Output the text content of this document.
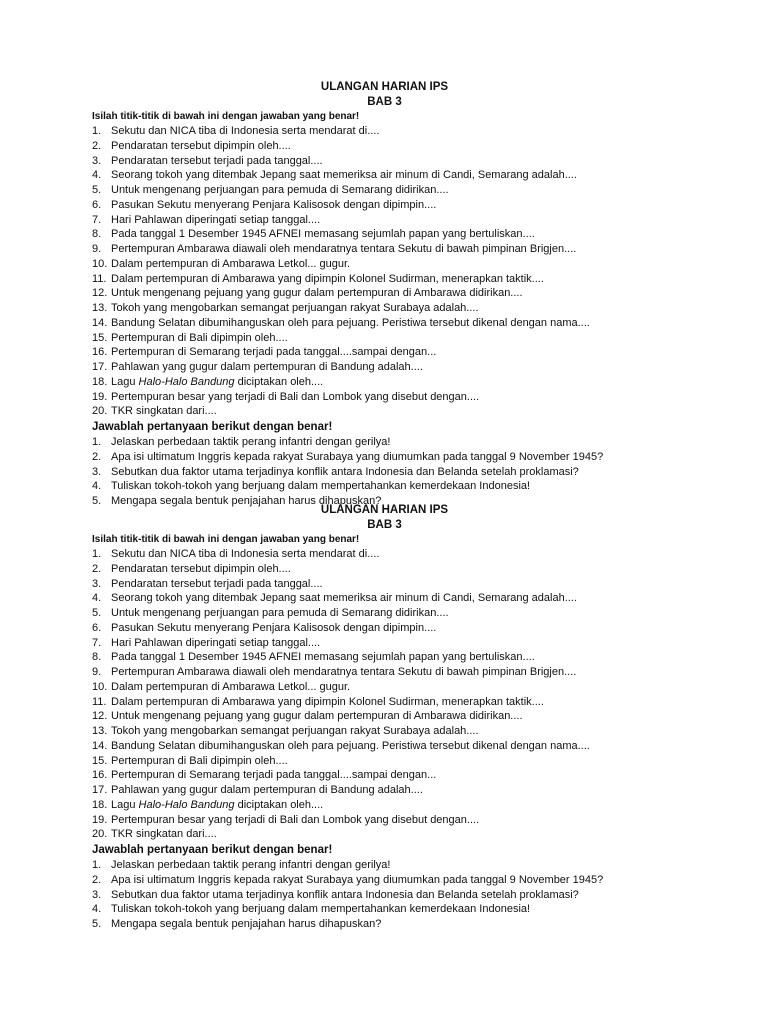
ULANGAN HARIAN IPS
BAB 3
Isilah titik-titik di bawah ini dengan jawaban yang benar!
1. Sekutu dan NICA tiba di Indonesia serta mendarat di....
2. Pendaratan tersebut dipimpin oleh....
3. Pendaratan tersebut terjadi pada tanggal....
4. Seorang tokoh yang ditembak Jepang saat memeriksa air minum di Candi, Semarang adalah....
5. Untuk mengenang perjuangan para pemuda di Semarang didirikan....
6. Pasukan Sekutu menyerang Penjara Kalisosok dengan dipimpin....
7. Hari Pahlawan diperingati setiap tanggal....
8. Pada tanggal 1 Desember 1945 AFNEI memasang sejumlah papan yang bertuliskan....
9. Pertempuran Ambarawa diawali oleh mendaratnya tentara Sekutu di bawah pimpinan Brigjen....
10. Dalam pertempuran di Ambarawa Letkol... gugur.
11. Dalam pertempuran di Ambarawa yang dipimpin Kolonel Sudirman, menerapkan taktik....
12. Untuk mengenang pejuang yang gugur dalam pertempuran di Ambarawa didirikan....
13. Tokoh yang mengobarkan semangat perjuangan rakyat Surabaya adalah....
14. Bandung Selatan dibumihanguskan oleh para pejuang. Peristiwa tersebut dikenal dengan nama....
15. Pertempuran di Bali dipimpin oleh....
16. Pertempuran di Semarang terjadi pada tanggal....sampai dengan...
17. Pahlawan yang gugur dalam pertempuran di Bandung adalah....
18. Lagu Halo-Halo Bandung diciptakan oleh....
19. Pertempuran besar yang terjadi di Bali dan Lombok yang disebut dengan....
20. TKR singkatan dari....
Jawablah pertanyaan berikut dengan benar!
1. Jelaskan perbedaan taktik perang infantri dengan gerilya!
2. Apa isi ultimatum Inggris kepada rakyat Surabaya yang diumumkan pada tanggal 9 November 1945?
3. Sebutkan dua faktor utama terjadinya konflik antara Indonesia dan Belanda setelah proklamasi?
4. Tuliskan tokoh-tokoh yang berjuang dalam mempertahankan kemerdekaan Indonesia!
5. Mengapa segala bentuk penjajahan harus dihapuskan?
ULANGAN HARIAN IPS
BAB 3
Isilah titik-titik di bawah ini dengan jawaban yang benar!
1. Sekutu dan NICA tiba di Indonesia serta mendarat di....
2. Pendaratan tersebut dipimpin oleh....
3. Pendaratan tersebut terjadi pada tanggal....
4. Seorang tokoh yang ditembak Jepang saat memeriksa air minum di Candi, Semarang adalah....
5. Untuk mengenang perjuangan para pemuda di Semarang didirikan....
6. Pasukan Sekutu menyerang Penjara Kalisosok dengan dipimpin....
7. Hari Pahlawan diperingati setiap tanggal....
8. Pada tanggal 1 Desember 1945 AFNEI memasang sejumlah papan yang bertuliskan....
9. Pertempuran Ambarawa diawali oleh mendaratnya tentara Sekutu di bawah pimpinan Brigjen....
10. Dalam pertempuran di Ambarawa Letkol... gugur.
11. Dalam pertempuran di Ambarawa yang dipimpin Kolonel Sudirman, menerapkan taktik....
12. Untuk mengenang pejuang yang gugur dalam pertempuran di Ambarawa didirikan....
13. Tokoh yang mengobarkan semangat perjuangan rakyat Surabaya adalah....
14. Bandung Selatan dibumihanguskan oleh para pejuang. Peristiwa tersebut dikenal dengan nama....
15. Pertempuran di Bali dipimpin oleh....
16. Pertempuran di Semarang terjadi pada tanggal....sampai dengan...
17. Pahlawan yang gugur dalam pertempuran di Bandung adalah....
18. Lagu Halo-Halo Bandung diciptakan oleh....
19. Pertempuran besar yang terjadi di Bali dan Lombok yang disebut dengan....
20. TKR singkatan dari....
Jawablah pertanyaan berikut dengan benar!
1. Jelaskan perbedaan taktik perang infantri dengan gerilya!
2. Apa isi ultimatum Inggris kepada rakyat Surabaya yang diumumkan pada tanggal 9 November 1945?
3. Sebutkan dua faktor utama terjadinya konflik antara Indonesia dan Belanda setelah proklamasi?
4. Tuliskan tokoh-tokoh yang berjuang dalam mempertahankan kemerdekaan Indonesia!
5. Mengapa segala bentuk penjajahan harus dihapuskan?
